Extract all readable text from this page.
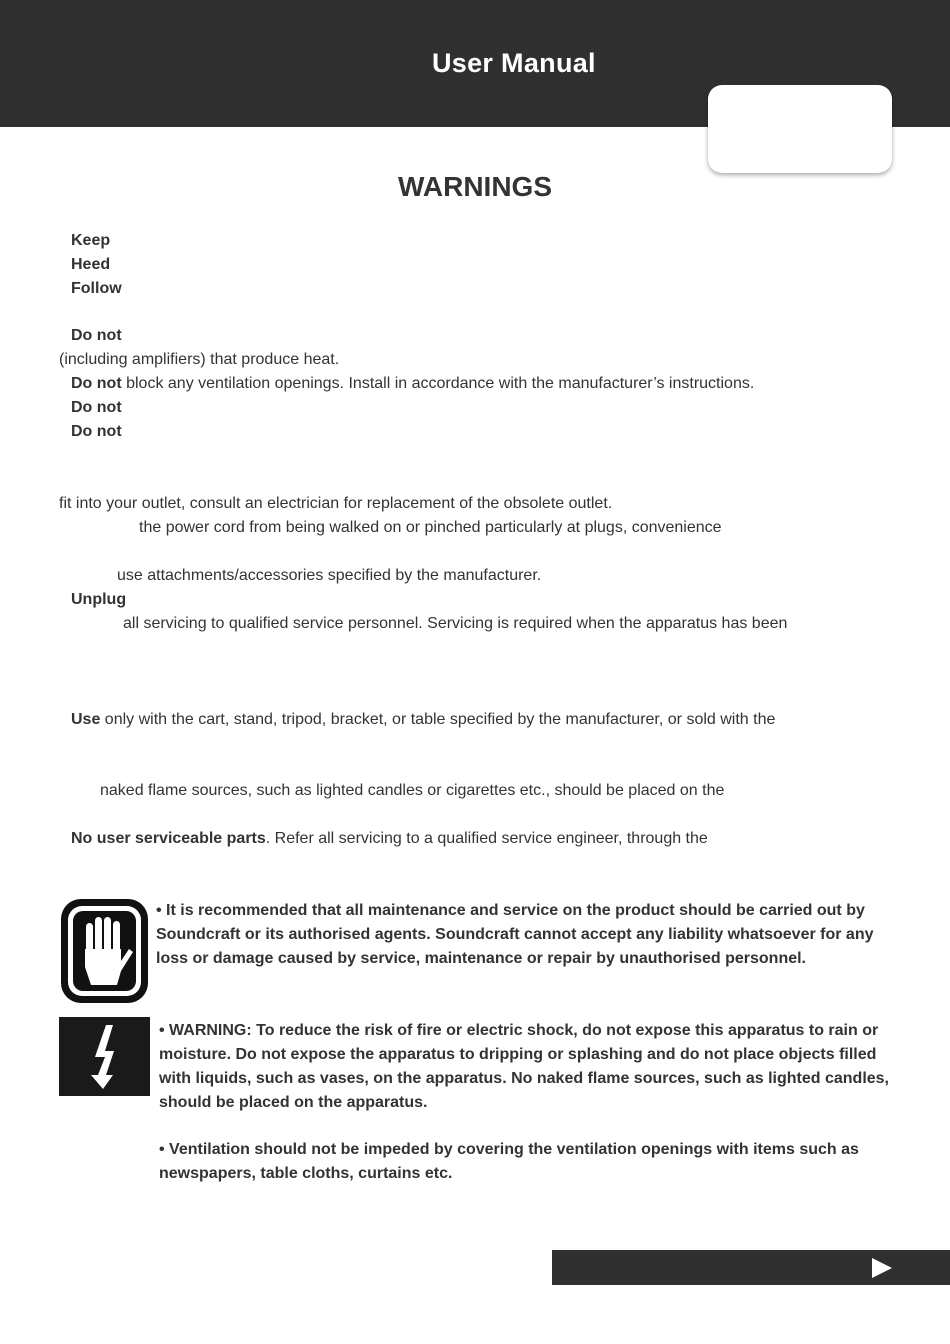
User Manual
WARNINGS
Keep
Heed
Follow
Do not
(including amplifiers) that produce heat.
Do not block any ventilation openings. Install in accordance with the manufacturer’s instructions.
Do not
Do not
fit into your outlet, consult an electrician for replacement of the obsolete outlet.
the power cord from being walked on or pinched particularly at plugs, convenience
use attachments/accessories specified by the manufacturer.
Unplug
all servicing to qualified service personnel. Servicing is required when the apparatus has been
Use only with the cart, stand, tripod, bracket, or table specified by the manufacturer, or sold with the
naked flame sources, such as lighted candles or cigarettes etc., should be placed on the
No user serviceable parts. Refer all servicing to a qualified service engineer, through the
• It is recommended that all maintenance and service on the product should be carried out by Soundcraft or its authorised agents. Soundcraft cannot accept any liability whatsoever for any loss or damage caused by service, maintenance or repair by unauthorised personnel.
• WARNING: To reduce the risk of fire or electric shock, do not expose this apparatus to rain or moisture. Do not expose the apparatus to dripping or splashing and do not place objects filled with liquids, such as vases, on the apparatus. No naked flame sources, such as lighted candles, should be placed on the apparatus.
• Ventilation should not be impeded by covering the ventilation openings with items such as newspapers, table cloths, curtains etc.
